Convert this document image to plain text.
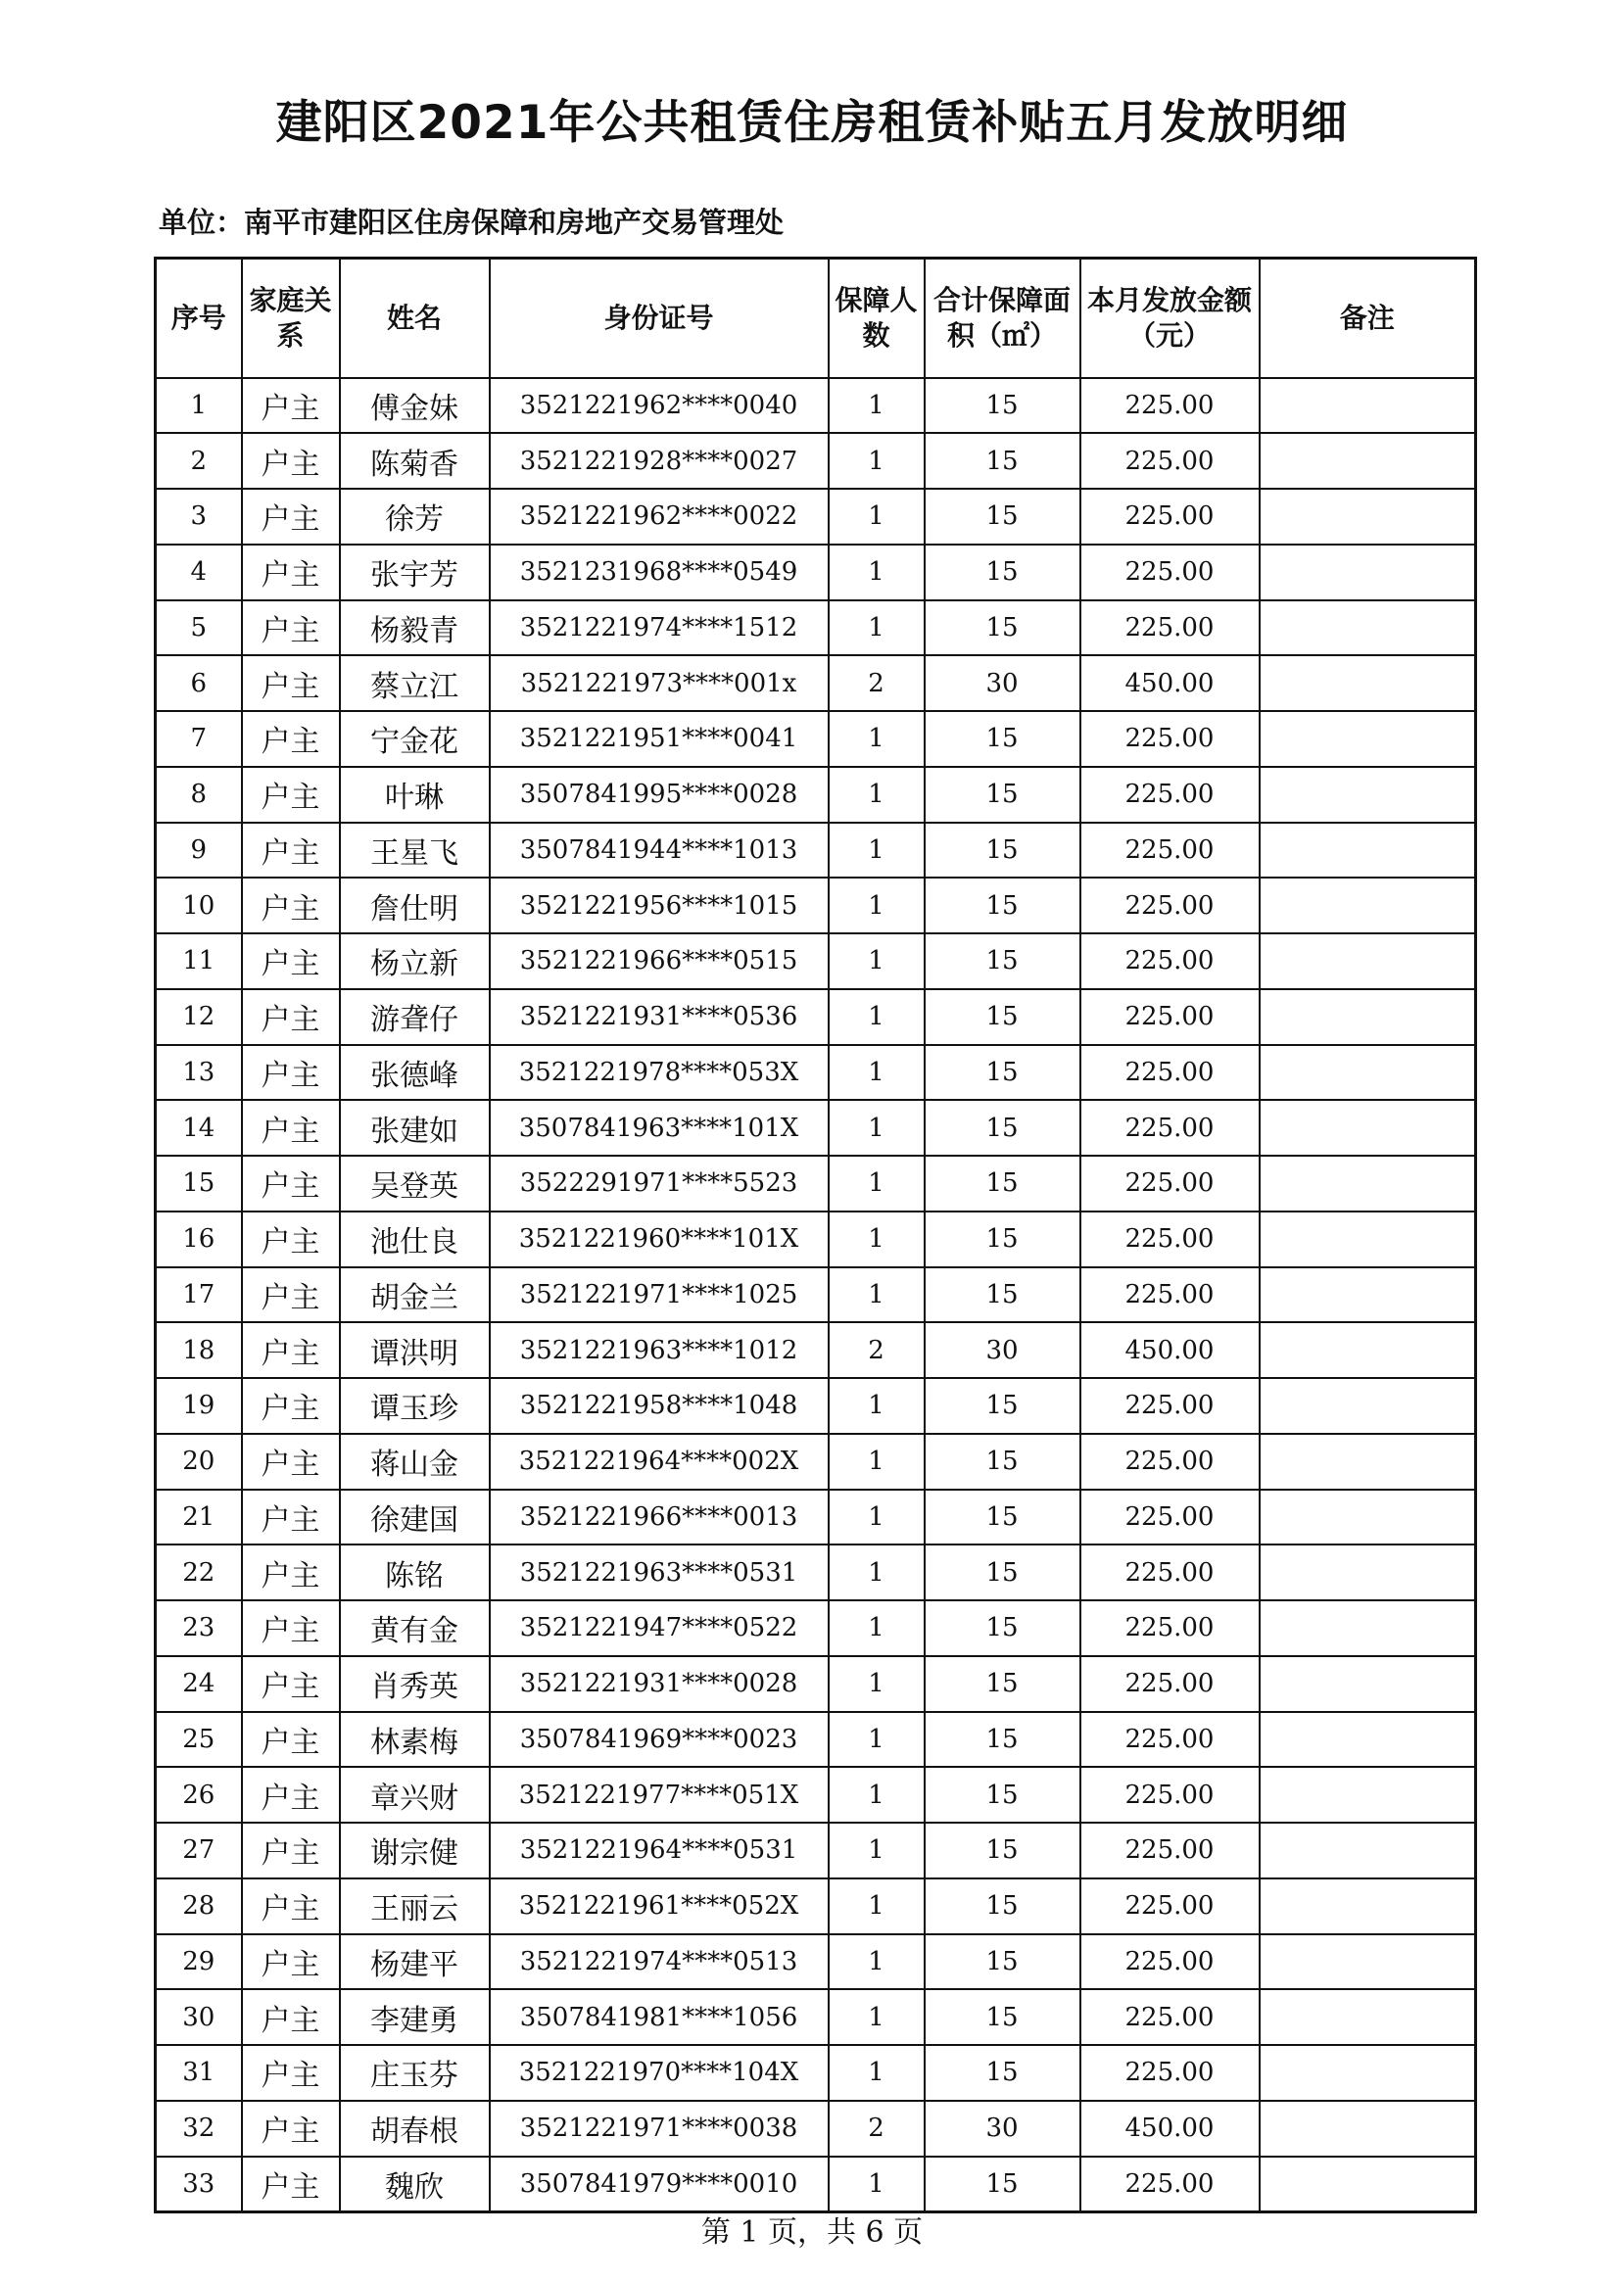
建阳区2021年公共租赁住房租赁补贴五月发放明细
单位：南平市建阳区住房保障和房地产交易管理处
序号	家庭关系	姓名	身份证号	保障人数	合计保障面积（㎡）	本月发放金额（元）	备注
1	户主	傅金妹	3521221962****0040	1	15	225.00	
2	户主	陈菊香	3521221928****0027	1	15	225.00	
3	户主	徐芳	3521221962****0022	1	15	225.00	
4	户主	张宇芳	3521231968****0549	1	15	225.00	
5	户主	杨毅青	3521221974****1512	1	15	225.00	
6	户主	蔡立江	3521221973****001x	2	30	450.00	
7	户主	宁金花	3521221951****0041	1	15	225.00	
8	户主	叶琳	3507841995****0028	1	15	225.00	
9	户主	王星飞	3507841944****1013	1	15	225.00	
10	户主	詹仕明	3521221956****1015	1	15	225.00	
11	户主	杨立新	3521221966****0515	1	15	225.00	
12	户主	游聋仔	3521221931****0536	1	15	225.00	
13	户主	张德峰	3521221978****053X	1	15	225.00	
14	户主	张建如	3507841963****101X	1	15	225.00	
15	户主	吴登英	3522291971****5523	1	15	225.00	
16	户主	池仕良	3521221960****101X	1	15	225.00	
17	户主	胡金兰	3521221971****1025	1	15	225.00	
18	户主	谭洪明	3521221963****1012	2	30	450.00	
19	户主	谭玉珍	3521221958****1048	1	15	225.00	
20	户主	蒋山金	3521221964****002X	1	15	225.00	
21	户主	徐建国	3521221966****0013	1	15	225.00	
22	户主	陈铭	3521221963****0531	1	15	225.00	
23	户主	黄有金	3521221947****0522	1	15	225.00	
24	户主	肖秀英	3521221931****0028	1	15	225.00	
25	户主	林素梅	3507841969****0023	1	15	225.00	
26	户主	章兴财	3521221977****051X	1	15	225.00	
27	户主	谢宗健	3521221964****0531	1	15	225.00	
28	户主	王丽云	3521221961****052X	1	15	225.00	
29	户主	杨建平	3521221974****0513	1	15	225.00	
30	户主	李建勇	3507841981****1056	1	15	225.00	
31	户主	庄玉芬	3521221970****104X	1	15	225.00	
32	户主	胡春根	3521221971****0038	2	30	450.00	
33	户主	魏欣	3507841979****0010	1	15	225.00	
第 1 页，共 6 页
